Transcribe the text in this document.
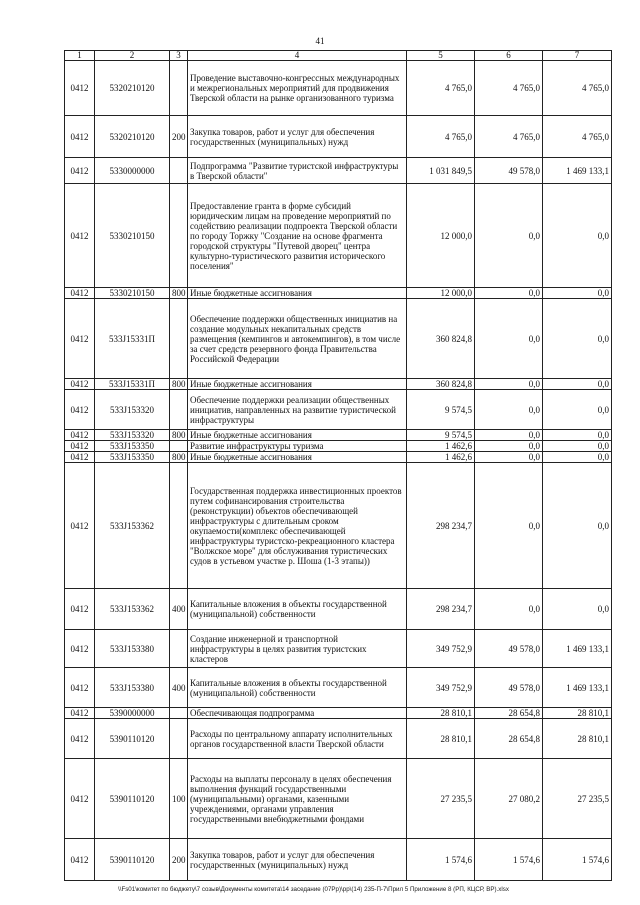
41
1	2	3	4	5	6	7
0412	5320210120		Проведение выставочно-конгрессных международных и межрегиональных мероприятий для продвижения Тверской области на рынке организованного туризма	4 765,0	4 765,0	4 765,0
0412	5320210120	200	Закупка товаров, работ и услуг для обеспечения государственных (муниципальных) нужд	4 765,0	4 765,0	4 765,0
0412	5330000000		Подпрограмма "Развитие туристской инфраструктуры в Тверской области"	1 031 849,5	49 578,0	1 469 133,1
0412	5330210150		Предоставление гранта в форме субсидий юридическим лицам на проведение мероприятий по содействию реализации подпроекта Тверской области по городу Торжку "Создание на основе фрагмента городской структуры "Путевой дворец" центра культурно-туристического развития исторического поселения"	12 000,0	0,0	0,0
0412	5330210150	800	Иные бюджетные ассигнования	12 000,0	0,0	0,0
0412	533J15331П		Обеспечение поддержки общественных инициатив на создание модульных некапитальных средств размещения (кемпингов и автокемпингов), в том числе за счет средств резервного фонда Правительства Российской Федерации	360 824,8	0,0	0,0
0412	533J15331П	800	Иные бюджетные ассигнования	360 824,8	0,0	0,0
0412	533J153320		Обеспечение поддержки реализации общественных инициатив, направленных на развитие туристической инфраструктуры	9 574,5	0,0	0,0
0412	533J153320	800	Иные бюджетные ассигнования	9 574,5	0,0	0,0
0412	533J153350		Развитие инфраструктуры туризма	1 462,6	0,0	0,0
0412	533J153350	800	Иные бюджетные ассигнования	1 462,6	0,0	0,0
0412	533J153362		Государственная поддержка инвестиционных проектов путем софинансирования строительства (реконструкции) объектов обеспечивающей инфраструктуры с длительным сроком окупаемости(комплекс обеспечивающей инфраструктуры туристско-рекреационного кластера "Волжское море" для обслуживания туристических судов в устьевом участке р. Шоша (1-3 этапы))	298 234,7	0,0	0,0
0412	533J153362	400	Капитальные вложения в объекты государственной (муниципальной) собственности	298 234,7	0,0	0,0
0412	533J153380		Создание инженерной и транспортной инфраструктуры в целях развития туристских кластеров	349 752,9	49 578,0	1 469 133,1
0412	533J153380	400	Капитальные вложения в объекты государственной (муниципальной) собственности	349 752,9	49 578,0	1 469 133,1
0412	5390000000		Обеспечивающая подпрограмма	28 810,1	28 654,8	28 810,1
0412	5390110120		Расходы по центральному аппарату исполнительных органов государственной власти Тверской области	28 810,1	28 654,8	28 810,1
0412	5390110120	100	Расходы на выплаты персоналу в целях обеспечения выполнения функций государственными (муниципальными) органами, казенными учреждениями, органами управления государственными внебюджетными фондами	27 235,5	27 080,2	27 235,5
0412	5390110120	200	Закупка товаров, работ и услуг для обеспечения государственных (муниципальных) нужд	1 574,6	1 574,6	1 574,6
\\Fs01\комитет по бюджету\7 созыв\Документы комитета\14 заседание (07Рр)\рр\(14) 235-П-7\Прил 5 Приложение 8 (РП, КЦСР, ВР).xlsx
